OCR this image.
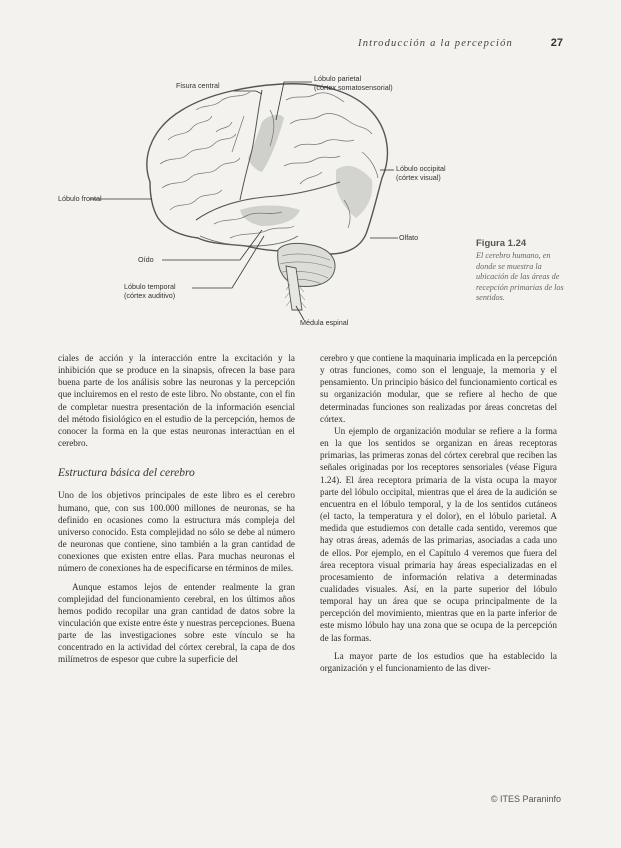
Introducción a la percepción	27
Fisura central
Lóbulo parietal
(córtex somatosensorial)
Lóbulo occipital
(córtex visual)
Lóbulo frontal
Olfato
Oído
Lóbulo temporal
(córtex auditivo)
Médula espinal
Figura 1.24
El cerebro humano, en donde se muestra la ubicación de las áreas de recepción primarias de los sentidos.

ciales de acción y la interacción entre la excitación y la inhibición que se produce en la sinapsis, ofrecen la base para buena parte de los análisis sobre las neuronas y la percepción que incluiremos en el resto de este libro. No obstante, con el fin de completar nuestra presentación de la información esencial del método fisiológico en el estudio de la percepción, hemos de conocer la forma en la que estas neuronas interactúan en el cerebro.

Estructura básica del cerebro

Uno de los objetivos principales de este libro es el cerebro humano, que, con sus 100.000 millones de neuronas, se ha definido en ocasiones como la estructura más compleja del universo conocido. Esta complejidad no sólo se debe al número de neuronas que contiene, sino también a la gran cantidad de conexiones que existen entre ellas. Para muchas neuronas el número de conexiones ha de especificarse en términos de miles.

Aunque estamos lejos de entender realmente la gran complejidad del funcionamiento cerebral, en los últimos años hemos podido recopilar una gran cantidad de datos sobre la vinculación que existe entre éste y nuestras percepciones. Buena parte de las investigaciones sobre este vínculo se ha concentrado en la actividad del córtex cerebral, la capa de dos milímetros de espesor que cubre la superficie del

cerebro y que contiene la maquinaria implicada en la percepción y otras funciones, como son el lenguaje, la memoria y el pensamiento. Un principio básico del funcionamiento cortical es su organización modular, que se refiere al hecho de que determinadas funciones son realizadas por áreas concretas del córtex.

Un ejemplo de organización modular se refiere a la forma en la que los sentidos se organizan en áreas receptoras primarias, las primeras zonas del córtex cerebral que reciben las señales originadas por los receptores sensoriales (véase Figura 1.24). El área receptora primaria de la vista ocupa la mayor parte del lóbulo occipital, mientras que el área de la audición se encuentra en el lóbulo temporal, y la de los sentidos cutáneos (el tacto, la temperatura y el dolor), en el lóbulo parietal. A medida que estudiemos con detalle cada sentido, veremos que hay otras áreas, además de las primarias, asociadas a cada uno de ellos. Por ejemplo, en el Capítulo 4 veremos que fuera del área receptora visual primaria hay áreas especializadas en el procesamiento de información relativa a determinadas cualidades visuales. Así, en la parte superior del lóbulo temporal hay un área que se ocupa principalmente de la percepción del movimiento, mientras que en la parte inferior de este mismo lóbulo hay una zona que se ocupa de la percepción de las formas.

La mayor parte de los estudios que ha establecido la organización y el funcionamiento de las diver-

© ITES Paraninfo
